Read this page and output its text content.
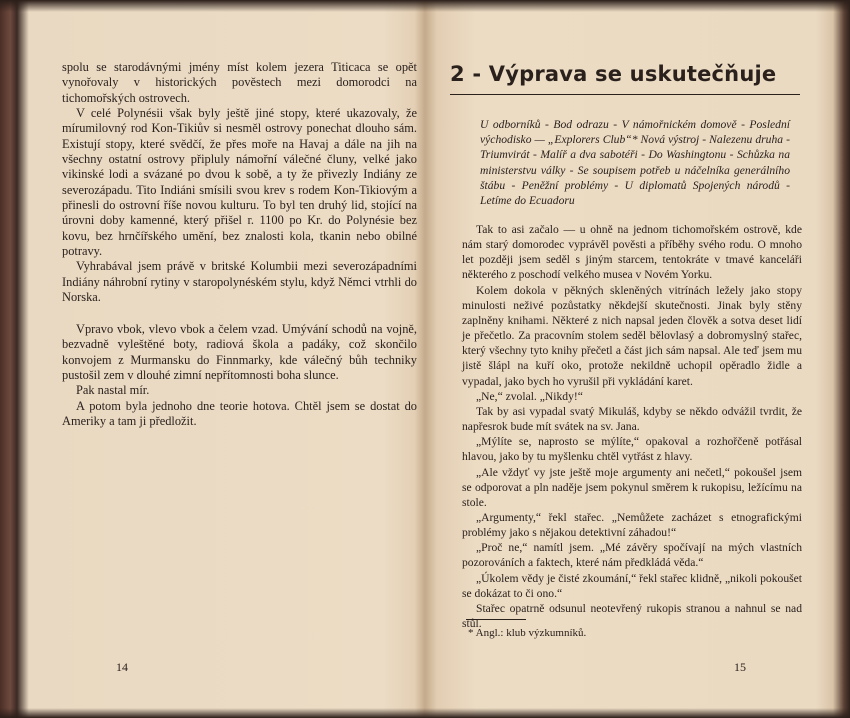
spolu se starodávnými jmény míst kolem jezera Titicaca se opět vynořovaly v historických pověstech mezi domorodci na tichomořských ostrovech.

V celé Polynésii však byly ještě jiné stopy, které ukazovaly, že mírumilovný rod Kon-Tikiův si nesměl ostrovy ponechat dlouho sám. Existují stopy, které svědčí, že přes moře na Havaj a dále na jih na všechny ostatní ostrovy připluly námořní válečné čluny, velké jako vikinské lodi a svázané po dvou k sobě, a ty že přivezly Indiány ze severozápadu. Tito Indiáni smísili svou krev s rodem Kon-Tikiovým a přinesli do ostrovní říše novou kulturu. To byl ten druhý lid, stojící na úrovni doby kamenné, který přišel r. 1100 po Kr. do Polynésie bez kovu, bez hrnčířského umění, bez znalosti kola, tkanin nebo obilné potravy.

Vyhrabával jsem právě v britské Kolumbii mezi severozápadními Indiány náhrobní rytiny v staropolynéském stylu, když Němci vtrhli do Norska.

Vpravo vbok, vlevo vbok a čelem vzad. Umývání schodů na vojně, bezvadně vyleštěné boty, radiová škola a padáky, což skončilo konvojem z Murmansku do Finnmarky, kde válečný bůh techniky pustošil zem v dlouhé zimní nepřítomnosti boha slunce.

Pak nastal mír.

A potom byla jednoho dne teorie hotova. Chtěl jsem se dostat do Ameriky a tam ji předložit.

14
2 - Výprava se uskutečňuje

U odborníků - Bod odrazu - V námořnickém domově - Poslední východisko — „Explorers Club“* Nová výstroj - Nalezenu druha - Triumvirát - Malíř a dva sabotéři - Do Washingtonu - Schůzka na ministerstvu války - Se soupisem potřeb u náčelníka generálního štábu - Peněžní problémy - U diplomatů Spojených národů - Letíme do Ecuadoru

Tak to asi začalo — u ohně na jednom tichomořském ostrově, kde nám starý domorodec vyprávěl pověsti a příběhy svého rodu. O mnoho let později jsem seděl s jiným starcem, tentokráte v tmavé kanceláři některého z poschodí velkého musea v Novém Yorku.

Kolem dokola v pěkných skleněných vitrínách ležely jako stopy minulosti neživé pozůstatky někdejší skutečnosti. Jinak byly stěny zaplněny knihami. Některé z nich napsal jeden člověk a sotva deset lidí je přečetlo. Za pracovním stolem seděl bělovlasý a dobromyslný stařec, který všechny tyto knihy přečetl a část jich sám napsal. Ale teď jsem mu jistě šlápl na kuří oko, protože nekildně uchopil opěradlo židle a vypadal, jako bych ho vyrušil při vykládání karet.

„Ne,“ zvolal. „Nikdy!“

Tak by asi vypadal svatý Mikuláš, kdyby se někdo odvážil tvrdit, že napřesrok bude mít svátek na sv. Jana.

„Mýlíte se, naprosto se mýlíte,“ opakoval a rozhořčeně potřásal hlavou, jako by tu myšlenku chtěl vytřást z hlavy.

„Ale vždyť vy jste ještě moje argumenty ani nečetl,“ pokoušel jsem se odporovat a pln naděje jsem pokynul směrem k rukopisu, ležícímu na stole.

„Argumenty,“ řekl stařec. „Nemůžete zacházet s etnografickými problémy jako s nějakou detektivní záhadou!“

„Proč ne,“ namítl jsem. „Mé závěry spočívají na mých vlastních pozorováních a faktech, které nám předkládá věda.“

„Úkolem vědy je čisté zkoumání,“ řekl stařec klidně, „nikoli pokoušet se dokázat to či ono.“

Stařec opatrně odsunul neotevřený rukopis stranou a nahnul se nad stůl.

* Angl.: klub výzkumníků.
15
